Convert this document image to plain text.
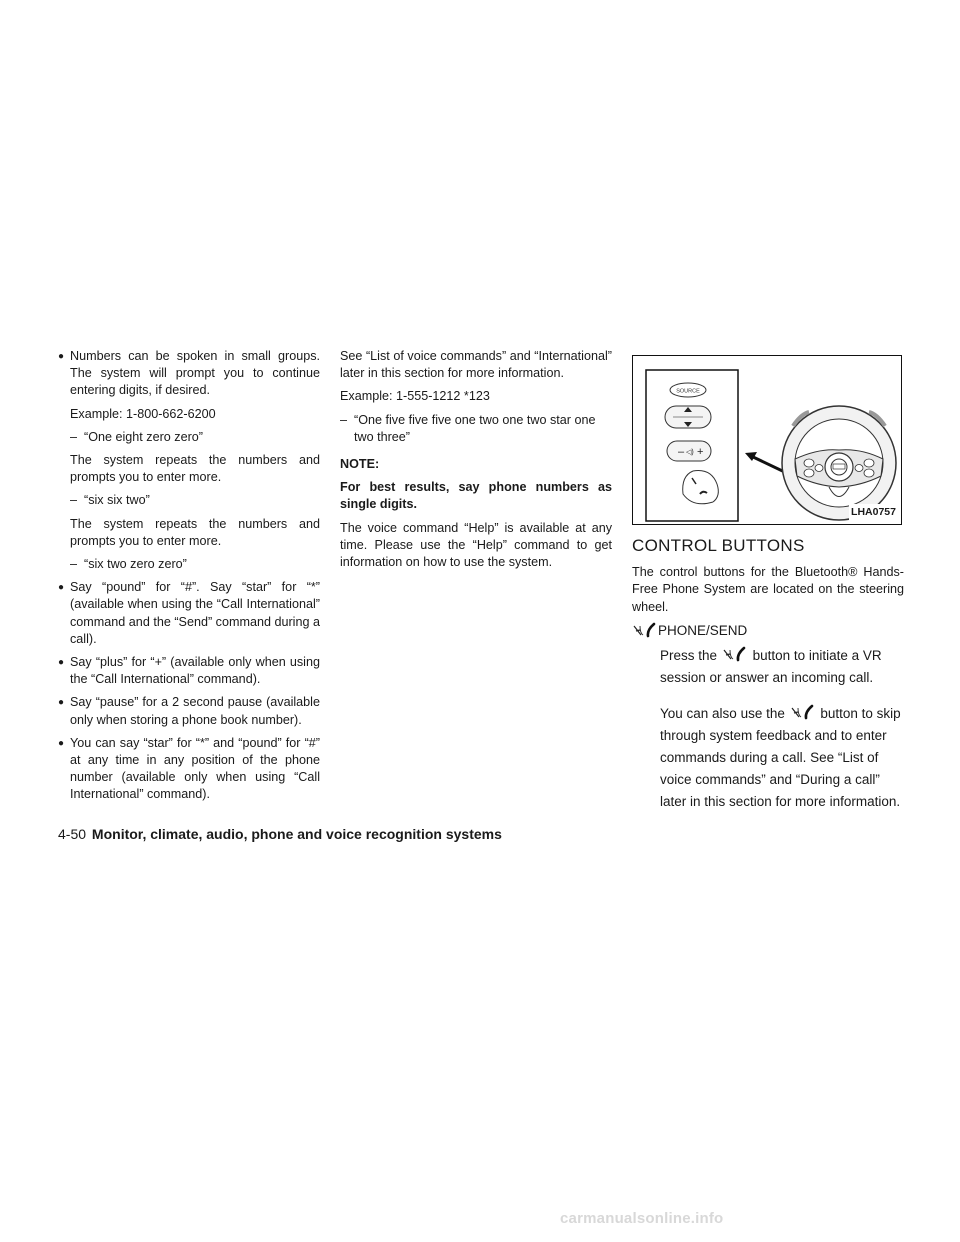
● Numbers can be spoken in small groups. The system will prompt you to continue entering digits, if desired.

Example: 1-800-662-6200

– “One eight zero zero”

The system repeats the numbers and prompts you to enter more.

– “six six two”

The system repeats the numbers and prompts you to enter more.

– “six two zero zero”

● Say “pound” for “#”. Say “star” for “*” (available when using the “Call International” command and the “Send” command during a call).
● Say “plus” for “+” (available only when using the “Call International” command).
● Say “pause” for a 2 second pause (available only when storing a phone book number).
● You can say “star” for “*” and “pound” for “#” at any time in any position of the phone number (available only when using “Call International” command).

See “List of voice commands” and “International” later in this section for more information.

Example: 1-555-1212 *123

– “One five five five one two one two star one two three”

NOTE:

For best results, say phone numbers as single digits.

The voice command “Help” is available at any time. Please use the “Help” command to get information on how to use the system.

SOURCE
– ◁) +
LHA0757

CONTROL BUTTONS

The control buttons for the Bluetooth® Hands-Free Phone System are located on the steering wheel.

PHONE/SEND

Press the	button to initiate a VR session or answer an incoming call.

You can also use the	button to skip through system feedback and to enter commands during a call. See “List of voice commands” and “During a call” later in this section for more information.

4-50 Monitor, climate, audio, phone and voice recognition systems
carmanualsonline.info
